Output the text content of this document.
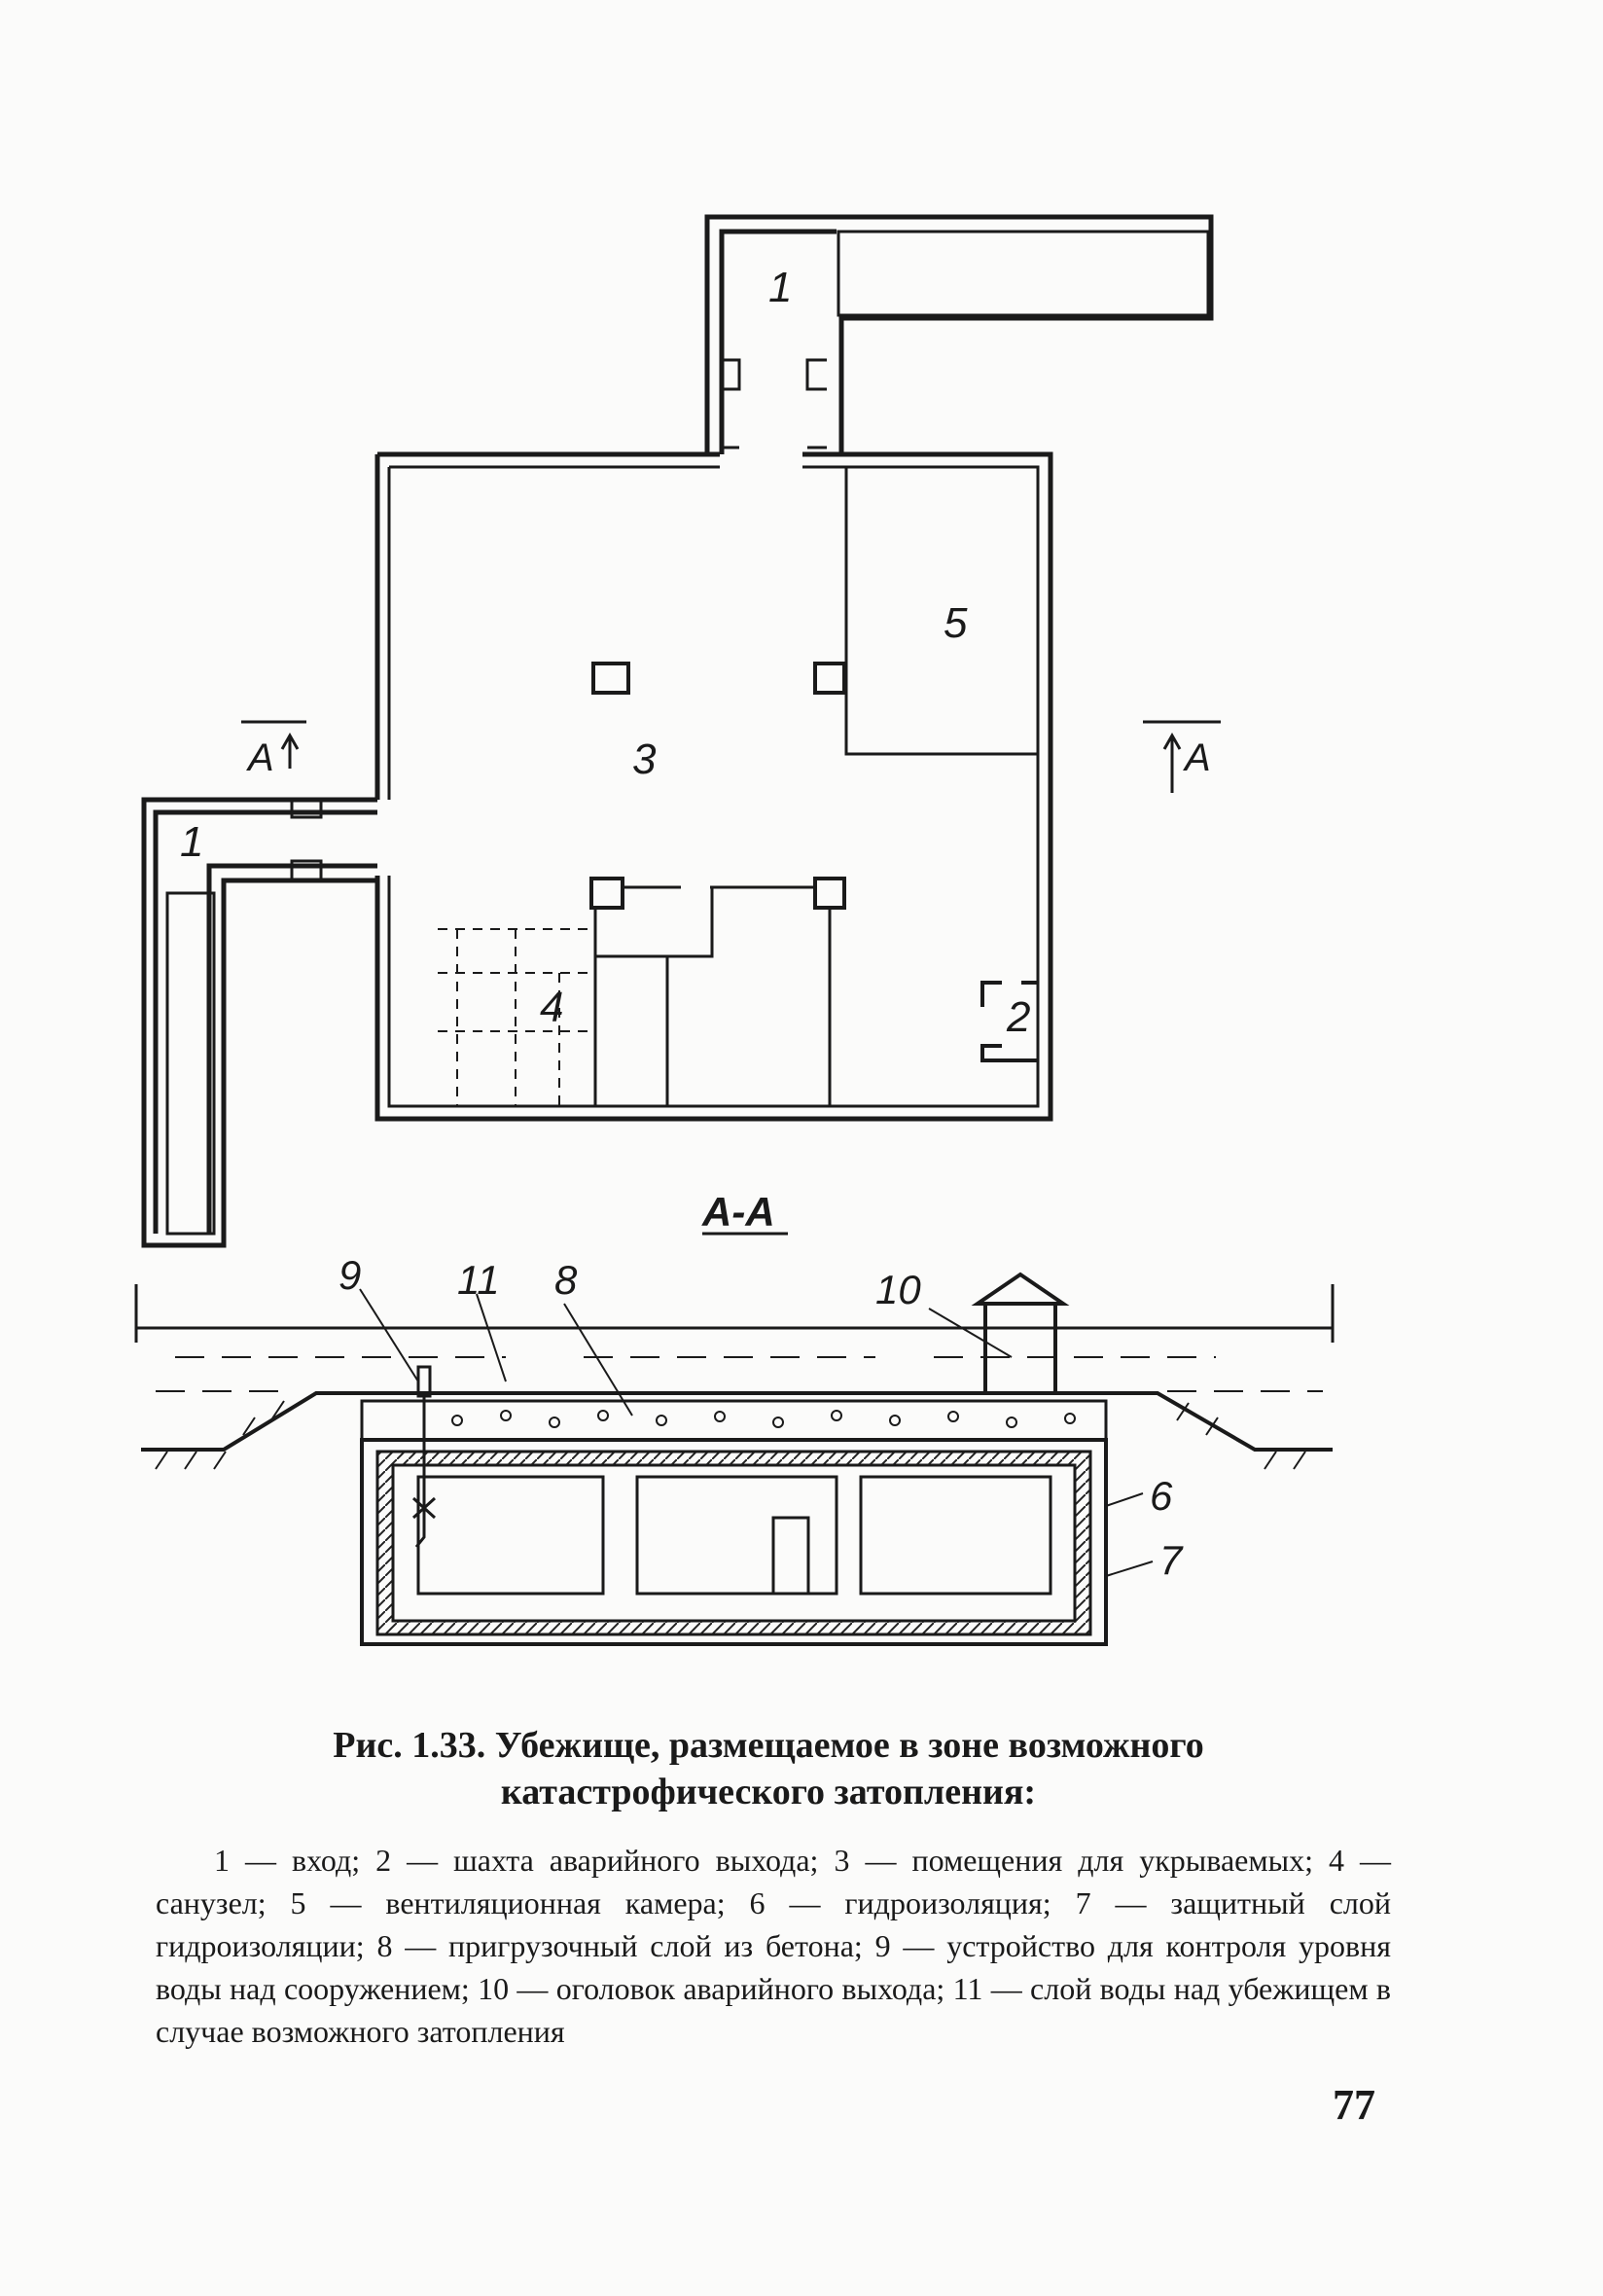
1
1
3
5
4	2
A	A
А-А
9 11 8	10
6
7
Рис. 1.33. Убежище, размещаемое в зоне возможного
катастрофического затопления:
1 — вход; 2 — шахта аварийного выхода; 3 — помещения для укрываемых; 4 — санузел; 5 — вентиляционная камера; 6 — гидроизоляция; 7 — защитный слой гидроизоляции; 8 — пригрузочный слой из бетона; 9 — устройство для контроля уровня воды над сооружением; 10 — оголовок аварийного выхода; 11 — слой воды над убежищем в случае возможного затопления
77
